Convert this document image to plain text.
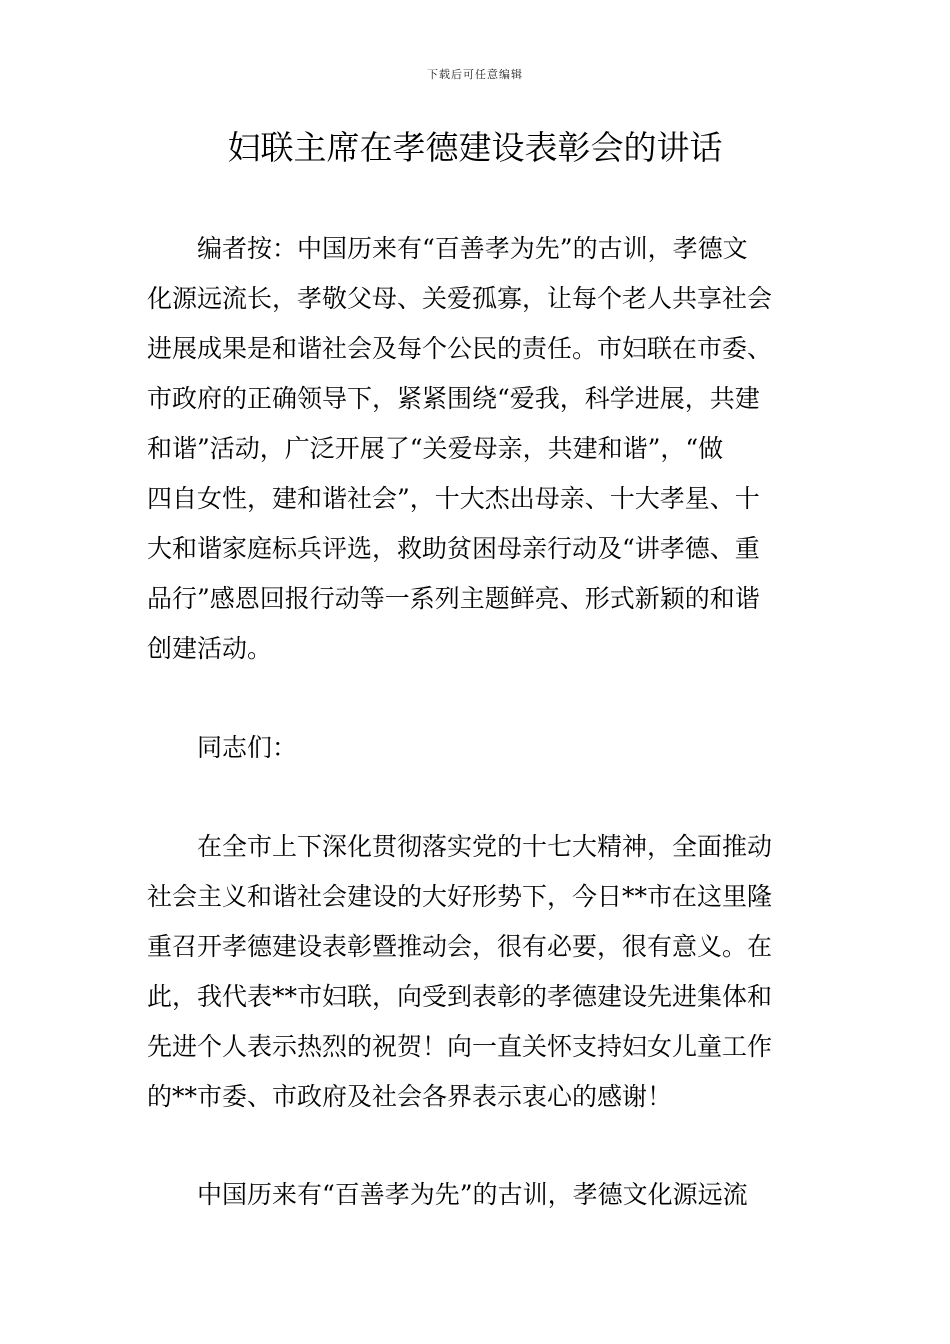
下载后可任意编辑
妇联主席在孝德建设表彰会的讲话
编者按：中国历来有“百善孝为先”的古训，孝德文
化源远流长，孝敬父母、关爱孤寡，让每个老人共享社会
进展成果是和谐社会及每个公民的责任。市妇联在市委、
市政府的正确领导下，紧紧围绕“爱我，科学进展，共建
和谐”活动，广泛开展了“关爱母亲，共建和谐”，“做
四自女性，建和谐社会”，十大杰出母亲、十大孝星、十
大和谐家庭标兵评选，救助贫困母亲行动及“讲孝德、重
品行”感恩回报行动等一系列主题鲜亮、形式新颖的和谐
创建活动。
同志们：
在全市上下深化贯彻落实党的十七大精神，全面推动
社会主义和谐社会建设的大好形势下，今日**市在这里隆
重召开孝德建设表彰暨推动会，很有必要，很有意义。在
此，我代表**市妇联，向受到表彰的孝德建设先进集体和
先进个人表示热烈的祝贺！向一直关怀支持妇女儿童工作
的**市委、市政府及社会各界表示衷心的感谢！
中国历来有“百善孝为先”的古训，孝德文化源远流
